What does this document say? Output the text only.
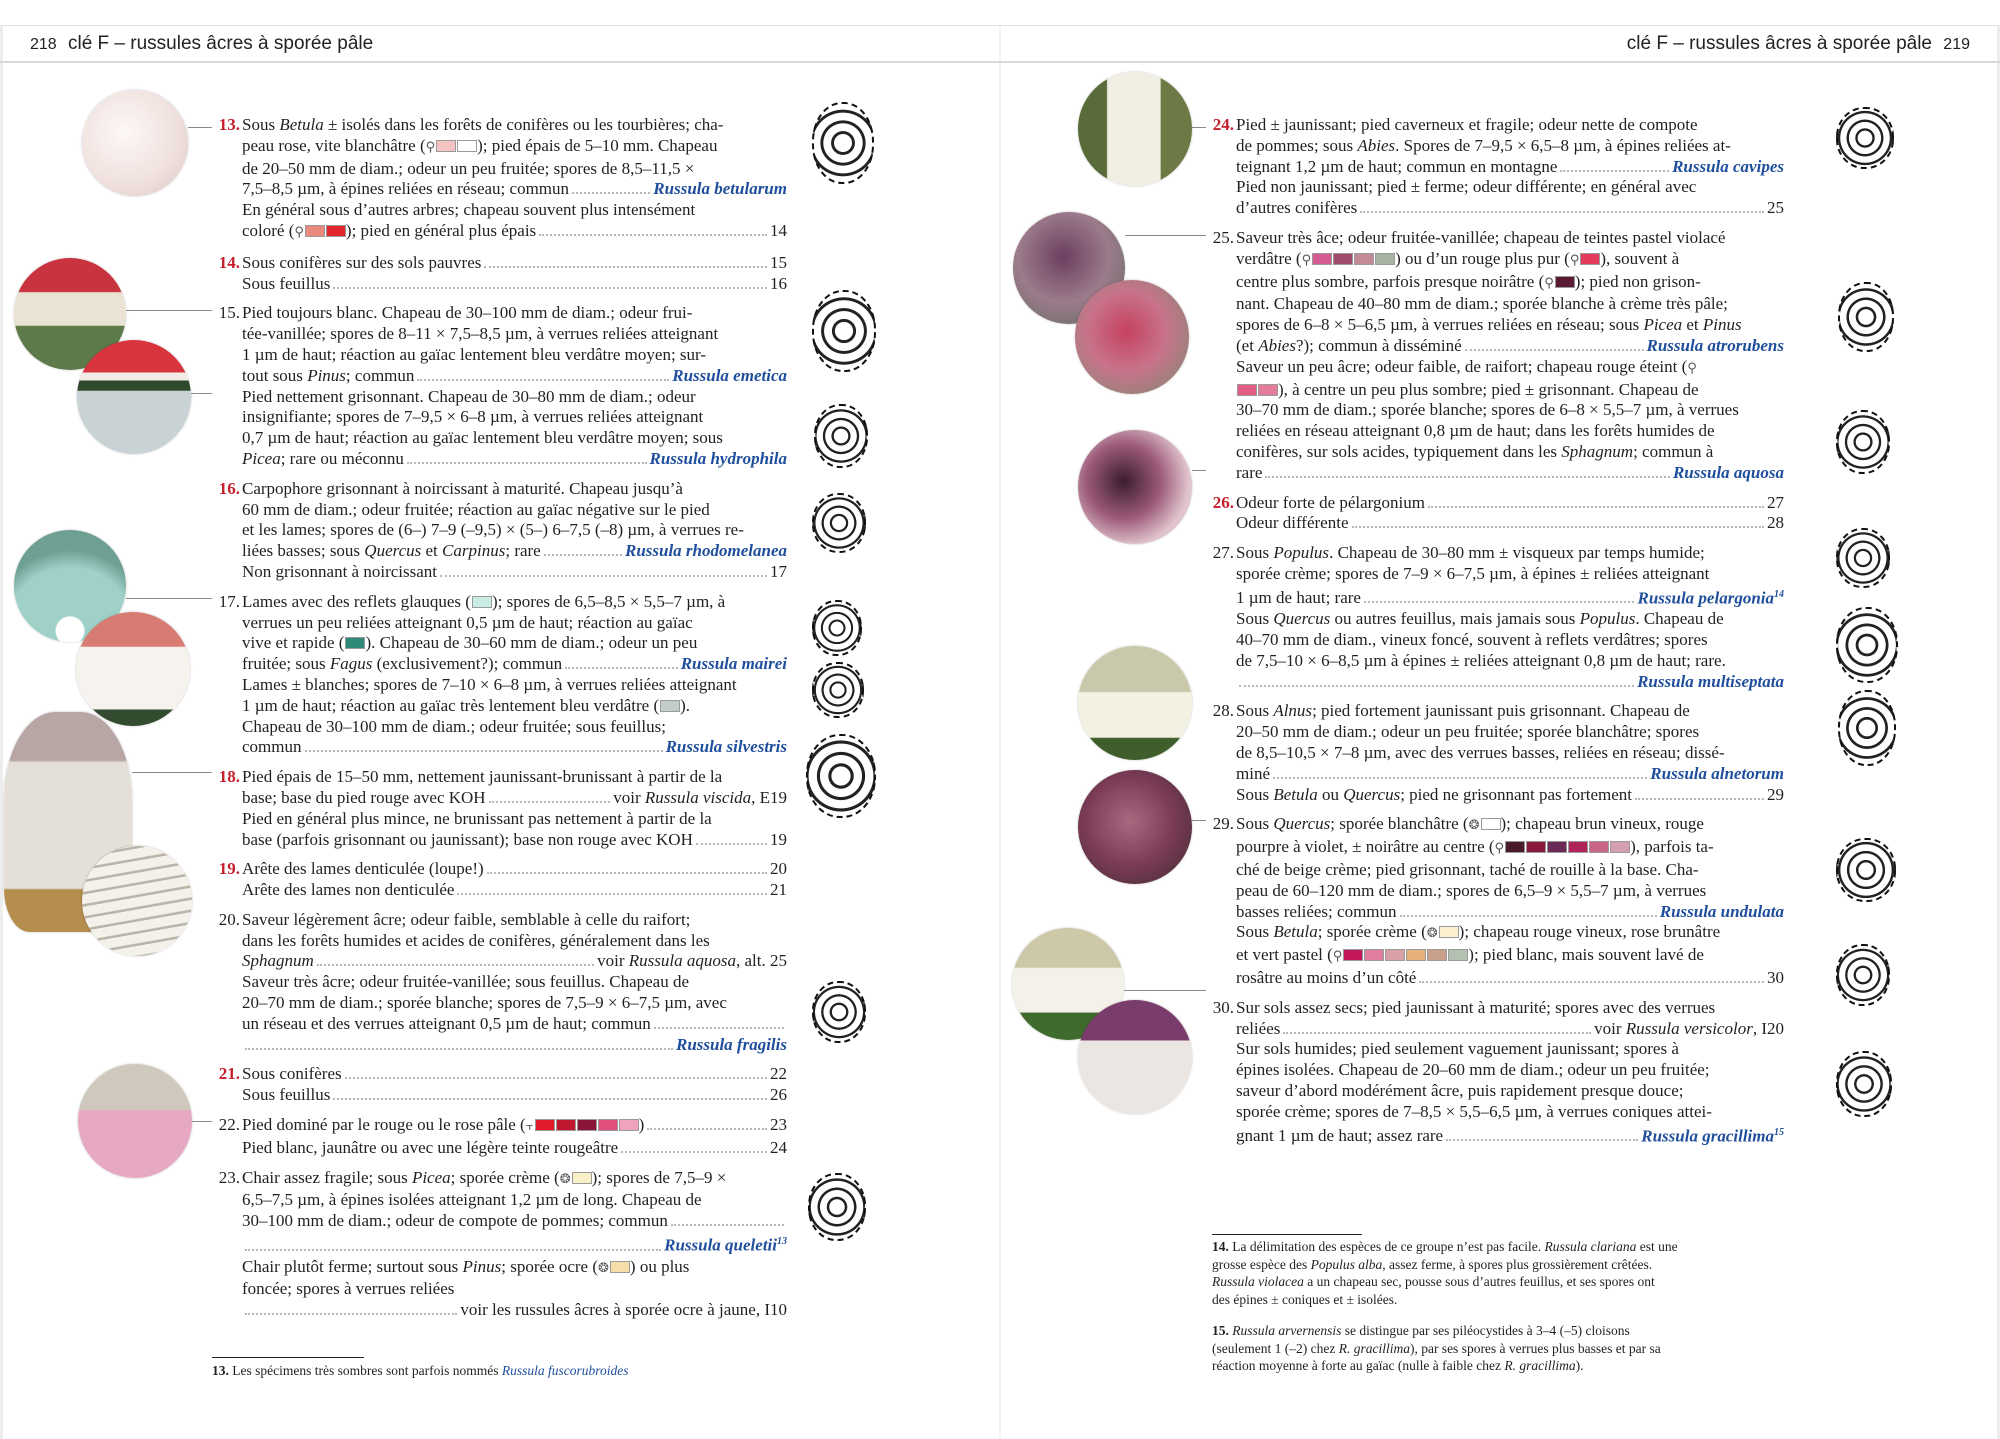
218 clé F – russules âcres à sporée pâle	clé F – russules âcres à sporée pâle 219
13. Sous Betula ± isolés dans les forêts de conifères ou les tourbières; cha-
peau rose, vite blanchâtre (⚲ ); pied épais de 5–10 mm. Chapeau
de 20–50 mm de diam.; odeur un peu fruitée; spores de 8,5–11,5 ×
7,5–8,5 µm, à épines reliées en réseau; commun	Russula betularum
En général sous d’autres arbres; chapeau souvent plus intensément
coloré (⚲ ); pied en général plus épais	14
14. Sous conifères sur des sols pauvres	15
Sous feuillus	16
15. Pied toujours blanc. Chapeau de 30–100 mm de diam.; odeur frui-
tée-vanillée; spores de 8–11 × 7,5–8,5 µm, à verrues reliées atteignant
1 µm de haut; réaction au gaïac lentement bleu verdâtre moyen; sur-
tout sous Pinus; commun	Russula emetica
Pied nettement grisonnant. Chapeau de 30–80 mm de diam.; odeur
insignifiante; spores de 7–9,5 × 6–8 µm, à verrues reliées atteignant
0,7 µm de haut; réaction au gaïac lentement bleu verdâtre moyen; sous
Picea; rare ou méconnu	Russula hydrophila
16. Carpophore grisonnant à noircissant à maturité. Chapeau jusqu’à
60 mm de diam.; odeur fruitée; réaction au gaïac négative sur le pied
et les lames; spores de (6–) 7–9 (–9,5) × (5–) 6–7,5 (–8) µm, à verrues re-
liées basses; sous Quercus et Carpinus; rare	Russula rhodomelanea
Non grisonnant à noircissant	17
17. Lames avec des reflets glauques ( ); spores de 6,5–8,5 × 5,5–7 µm, à
verrues un peu reliées atteignant 0,5 µm de haut; réaction au gaïac
vive et rapide ( ). Chapeau de 30–60 mm de diam.; odeur un peu
fruitée; sous Fagus (exclusivement?); commun	Russula mairei
Lames ± blanches; spores de 7–10 × 6–8 µm, à verrues reliées atteignant
1 µm de haut; réaction au gaïac très lentement bleu verdâtre ( ).
Chapeau de 30–100 mm de diam.; odeur fruitée; sous feuillus;
commun	Russula silvestris
18. Pied épais de 15–50 mm, nettement jaunissant-brunissant à partir de la
base; base du pied rouge avec KOH	voir Russula viscida, E19
Pied en général plus mince, ne brunissant pas nettement à partir de la
base (parfois grisonnant ou jaunissant); base non rouge avec KOH	19
19. Arête des lames denticulée (loupe!)	20
Arête des lames non denticulée	21
20. Saveur légèrement âcre; odeur faible, semblable à celle du raifort;
dans les forêts humides et acides de conifères, généralement dans les
Sphagnum	voir Russula aquosa, alt. 25
Saveur très âcre; odeur fruitée-vanillée; sous feuillus. Chapeau de
20–70 mm de diam.; sporée blanche; spores de 7,5–9 × 6–7,5 µm, avec
un réseau et des verrues atteignant 0,5 µm de haut; commun
Russula fragilis
21. Sous conifères	22
Sous feuillus	26
22. Pied dominé par le rouge ou le rose pâle (⫟	)	23
Pied blanc, jaunâtre ou avec une légère teinte rougeâtre	24
23. Chair assez fragile; sous Picea; sporée crème (❂ ); spores de 7,5–9 ×
6,5–7,5 µm, à épines isolées atteignant 1,2 µm de long. Chapeau de
30–100 mm de diam.; odeur de compote de pommes; commun
Russula queletii$^{13}$
Chair plutôt ferme; surtout sous Pinus; sporée ocre (❂ ) ou plus
foncée; spores à verrues reliées
voir les russules âcres à sporée ocre à jaune, I10
13. Les spécimens très sombres sont parfois nommés Russula fuscorubroides
24. Pied ± jaunissant; pied caverneux et fragile; odeur nette de compote
de pommes; sous Abies. Spores de 7–9,5 × 6,5–8 µm, à épines reliées at-
teignant 1,2 µm de haut; commun en montagne	Russula cavipes
Pied non jaunissant; pied ± ferme; odeur différente; en général avec
d’autres conifères	25
25. Saveur très âce; odeur fruitée-vanillée; chapeau de teintes pastel violacé
verdâtre (⚲	) ou d’un rouge plus pur (⚲ ), souvent à
centre plus sombre, parfois presque noirâtre (⚲ ); pied non grison-
nant. Chapeau de 40–80 mm de diam.; sporée blanche à crème très pâle;
spores de 6–8 × 5–6,5 µm, à verrues reliées en réseau; sous Picea et Pinus
(et Abies?); commun à disséminé	Russula atrorubens
Saveur un peu âcre; odeur faible, de raifort; chapeau rouge éteint (⚲
), à centre un peu plus sombre; pied ± grisonnant. Chapeau de
30–70 mm de diam.; sporée blanche; spores de 6–8 × 5,5–7 µm, à verrues
reliées en réseau atteignant 0,8 µm de haut; dans les forêts humides de
conifères, sur sols acides, typiquement dans les Sphagnum; commun à
rare	Russula aquosa
26. Odeur forte de pélargonium	27
Odeur différente	28
27. Sous Populus. Chapeau de 30–80 mm ± visqueux par temps humide;
sporée crème; spores de 7–9 × 6–7,5 µm, à épines ± reliées atteignant
1 µm de haut; rare	Russula pelargonia$^{14}$
Sous Quercus ou autres feuillus, mais jamais sous Populus. Chapeau de
40–70 mm de diam., vineux foncé, souvent à reflets verdâtres; spores
de 7,5–10 × 6–8,5 µm à épines ± reliées atteignant 0,8 µm de haut; rare.
Russula multiseptata
28. Sous Alnus; pied fortement jaunissant puis grisonnant. Chapeau de
20–50 mm de diam.; odeur un peu fruitée; sporée blanchâtre; spores
de 8,5–10,5 × 7–8 µm, avec des verrues basses, reliées en réseau; dissé-
miné	Russula alnetorum
Sous Betula ou Quercus; pied ne grisonnant pas fortement	29
29. Sous Quercus; sporée blanchâtre (❂ ); chapeau brun vineux, rouge
pourpre à violet, ± noirâtre au centre (⚲	), parfois ta-
ché de beige crème; pied grisonnant, taché de rouille à la base. Cha-
peau de 60–120 mm de diam.; spores de 6,5–9 × 5,5–7 µm, à verrues
basses reliées; commun	Russula undulata
Sous Betula; sporée crème (❂ ); chapeau rouge vineux, rose brunâtre
et vert pastel (⚲	); pied blanc, mais souvent lavé de
rosâtre au moins d’un côté	30
30. Sur sols assez secs; pied jaunissant à maturité; spores avec des verrues
reliées	voir Russula versicolor, I20
Sur sols humides; pied seulement vaguement jaunissant; spores à
épines isolées. Chapeau de 20–60 mm de diam.; odeur un peu fruitée;
saveur d’abord modérément âcre, puis rapidement presque douce;
sporée crème; spores de 7–8,5 × 5,5–6,5 µm, à verrues coniques attei-
gnant 1 µm de haut; assez rare	Russula gracillima$^{15}$
14. La délimitation des espèces de ce groupe n’est pas facile. Russula clariana est une
grosse espèce des Populus alba, assez ferme, à spores plus grossièrement crêtées.
Russula violacea a un chapeau sec, pousse sous d’autres feuillus, et ses spores ont
des épines ± coniques et ± isolées.
15. Russula arvernensis se distingue par ses piléocystides à 3–4 (–5) cloisons
(seulement 1 (–2) chez R. gracillima), par ses spores à verrues plus basses et par sa
réaction moyenne à forte au gaïac (nulle à faible chez R. gracillima).
